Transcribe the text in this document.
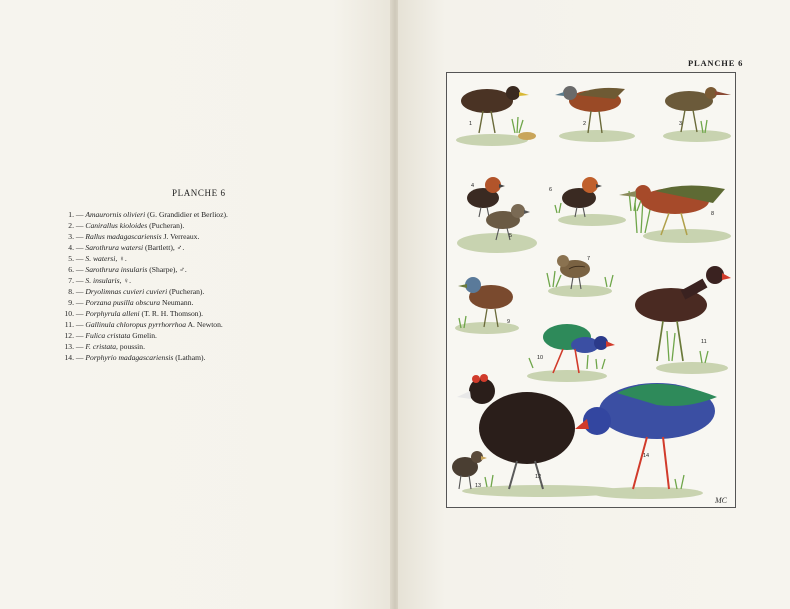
PLANCHE 6
1. — Amaurornis olivieri (G. Grandidier et Berlioz).
2. — Canirallus kioloides (Pucheran).
3. — Rallus madagascariensis J. Verreaux.
4. — Sarothrura watersi (Bartlett), ♂.
5. — S. watersi, ♀.
6. — Sarothrura insularis (Sharpe), ♂.
7. — S. insularis, ♀.
8. — Dryolimnas cuvieri cuvieri (Pucheran).
9. — Porzana pusilla obscura Neumann.
10. — Porphyrula alleni (T. R. H. Thomson).
11. — Gallinula chloropus pyrrhorrhoa A. Newton.
12. — Fulica cristata Gmelin.
13. — F. cristata, poussin.
14. — Porphyrio madagascariensis (Latham).
PLANCHE 6
1	2	3
4
5
6
7
8
9
10
11
12
13
14
MC
